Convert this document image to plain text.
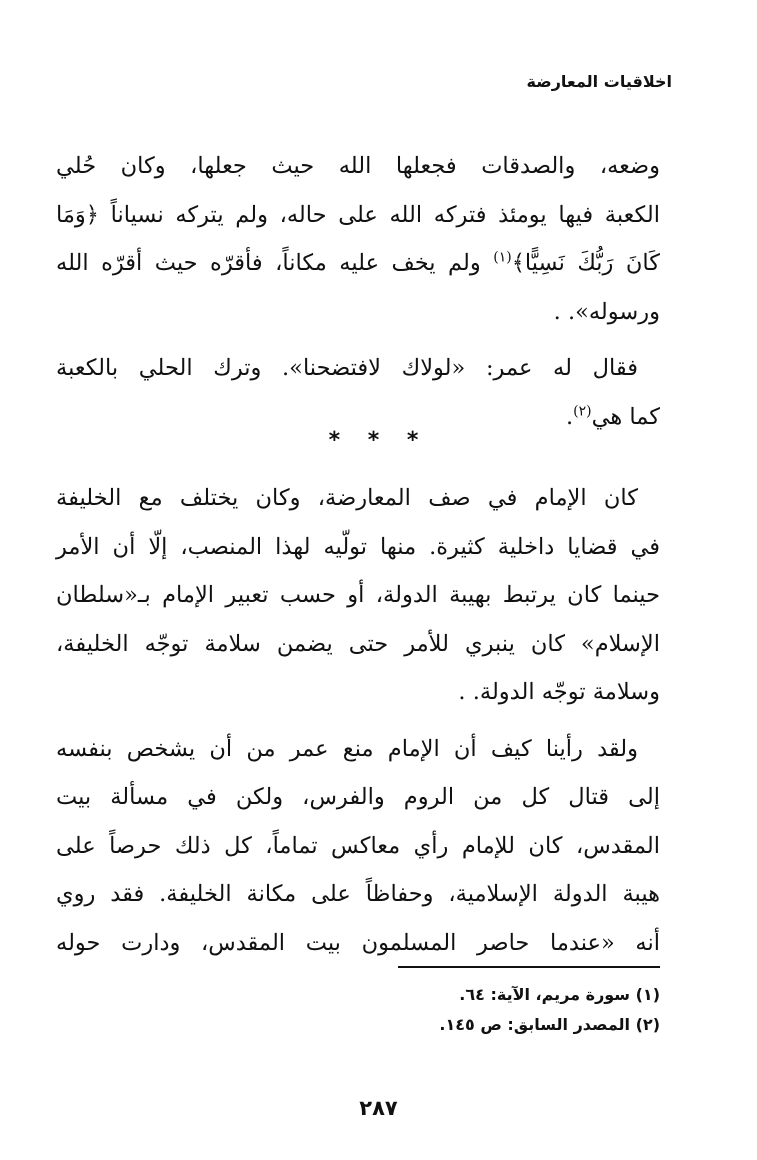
اخلاقيات المعارضة
وضعه، والصدقات فجعلها الله حيث جعلها، وكان حُلي
الكعبة فيها يومئذ فتركه الله على حاله، ولم يتركه نسياناً ﴿وَمَا
كَانَ رَبُّكَ نَسِيًّا﴾$^{(١)}$ ولم يخف عليه مكاناً، فأقرّه حيث أقرّه الله
ورسوله». .
فقال له عمر: «لولاك لافتضحنا». وترك الحلي بالكعبة
كما هي$^{(٢)}$.
* * *
كان الإمام في صف المعارضة، وكان يختلف مع الخليفة
في قضايا داخلية كثيرة. منها تولّيه لهذا المنصب، إلّا أن الأمر
حينما كان يرتبط بهيبة الدولة، أو حسب تعبير الإمام بـ«سلطان
الإسلام» كان ينبري للأمر حتى يضمن سلامة توجّه الخليفة،
وسلامة توجّه الدولة. .
ولقد رأينا كيف أن الإمام منع عمر من أن يشخص بنفسه
إلى قتال كل من الروم والفرس، ولكن في مسألة بيت
المقدس، كان للإمام رأي معاكس تماماً، كل ذلك حرصاً على
هيبة الدولة الإسلامية، وحفاظاً على مكانة الخليفة. فقد روي
أنه «عندما حاصر المسلمون بيت المقدس، ودارت حوله
(١) سورة مريم، الآية: ٦٤.
(٢) المصدر السابق: ص ١٤٥.
٢٨٧
